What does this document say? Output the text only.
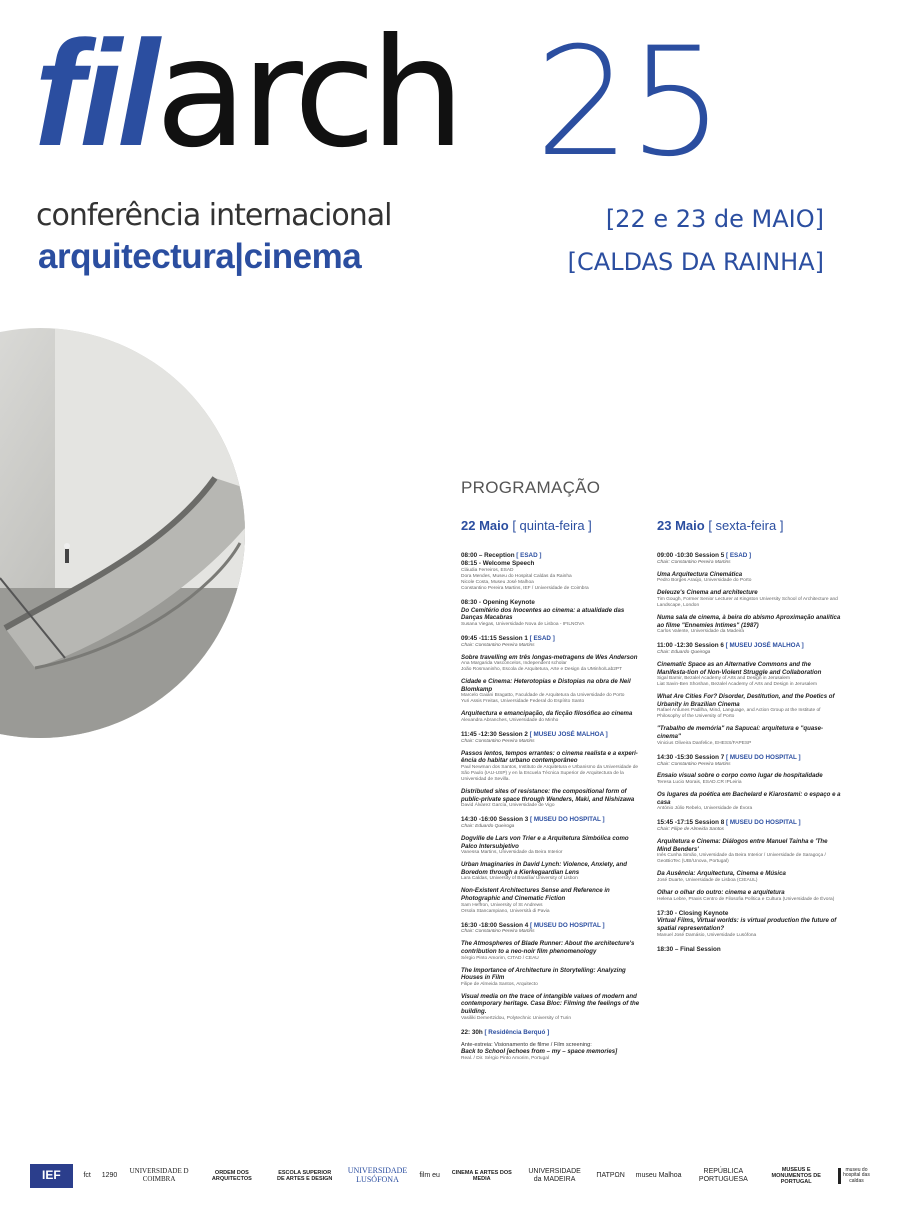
filarch 25
conferência internacional
arquitectura|cinema
[22 e 23 de MAIO]
[CALDAS DA RAINHA]
PROGRAMAÇÃO
22 Maio [ quinta-feira ]	23 Maio [ sexta-feira ]
08:00 – Reception [ ESAD ]
08:15 - Welcome Speech
Cláudia Ferreiros, ESAD
Dora Mendes, Museu do Hospital Caldas da Rainha
Nicole Costa, Museu José Malhoa
Constantino Pereira Martins, IEF / Universidade de Coimbra
08:30 - Opening Keynote
Do Cemitério dos Inocentes ao cinema: a atualidade das Danças Macabras
Susana Viegas, Universidade Nova de Lisboa - IFILNOVA
09:45 -11:15 Session 1 [ ESAD ]
Chair: Constantino Pereira Martins
Sobre travelling em três longas-metragens de Wes Anderson
Ana Margarida Vasconcelos, Independent scholar
João Rosmaninho, Escola de Arquitetura, Arte e Design da UMinho/Lab2PT
Cidade e Cinema: Heterotopias e Distopias na obra de Neil Blomkamp
Marcelo Gaiani Bragatto, Faculdade de Arquitetura da Universidade do Porto
Yuri Assis Freitas, Universidade Federal do Espírito Santo
Arquitectura e emancipação, da ficção filosófica ao cinema
Alexandra Abranches, Universidade do Minho
11:45 -12:30 Session 2 [ MUSEU JOSÉ MALHOA ]
Chair: Constantino Pereira Martins
Passos lentos, tempos errantes: o cinema realista e a experi-ência do habitar urbano contemporâneo
Paul Newman dos Santos, Instituto de Arquitetura e Urbanismo da Universidade de São Paulo (IAU-USP) y en la Escuela Técnica Superior de Arquitectura de la Universidad de Sevilla.
Distributed sites of resistance: the compositional form of public-private space through Wenders, Maki, and Nishizawa
David Álvarez García, Universidade de Vigo
14:30 -16:00 Session 3 [ MUSEU DO HOSPITAL ]
Chair: Eduardo Queiroga
Dogville de Lars von Trier e a Arquitetura Simbólica como Palco Intersubjetivo
Vanessa Martins, Universidade da Beira Interior
Urban Imaginaries in David Lynch: Violence, Anxiety, and Boredom through a Kierkegaardian Lens
Lara Caldas, University of Brasília/ University of Lisbon
Non-Existent Architectures Sense and Reference in Photographic and Cinematic Fiction
Sam Heffron, University of St Andrews
Orsola Stancampiano, Università di Pavia
16:30 -18:00 Session 4 [ MUSEU DO HOSPITAL ]
Chair: Constantino Pereira Martins
The Atmospheres of Blade Runner: About the architecture's contribution to a neo-noir film phenomenology
Sérgio Pinto Amorim, CITAD / CEAU
The Importance of Architecture in Storytelling: Analyzing Houses in Film
Filipe de Almeida Santos, Arquitecto
Visual media on the trace of intangible values of modern and contemporary heritage. Casa Bloc: Filming the feelings of the building.
Vasiliki Demertzidou, Polytechnic University of Turin
22: 30h [ Residência Berquó ]
Ante-estreia: Visionamento de filme / Film screening:
Back to School [echoes from – my – space memories]
Real. / Dir. Sérgio Pinto Amorim, Portugal
09:00 -10:30 Session 5 [ ESAD ]
Chair: Constantino Pereira Martins
Uma Arquitectura Cinemática
Pedro Borges Araújo, Universidade do Porto
Deleuze's Cinema and architecture
Tim Gough, Former Senior Lecturer at Kingston University School of Architecture and Landscape, London
Numa sala de cinema, à beira do abismo Aproximação analítica ao filme "Ennemies Intimes" (1987)
Carlos Valente, Universidade da Madeira
11:00 -12:30 Session 6 [ MUSEU JOSÉ MALHOA ]
Chair: Eduardo Queiroga
Cinematic Space as an Alternative Commons and the Manifesta-tion of Non-Violent Struggle and Collaboration
Sigal Barnir, Bezalel Academy of Arts and Design in Jerusalem
Liat Savin-Ben Shoshan, Bezalel Academy of Arts and Design in Jerusalem
What Are Cities For? Disorder, Destitution, and the Poetics of Urbanity in Brazilian Cinema
Rafael Antunes Padilha, Mind, Language, and Action Group at the Institute of Philosophy of the University of Porto
"Trabalho de memória" na Sapucaí: arquitetura e "quase-cinema"
Vinicius Oliveira Danfelice, EHESS/FAPESP
14:30 -15:30 Session 7 [ MUSEU DO HOSPITAL ]
Chair: Constantino Pereira Martins
Ensaio visual sobre o corpo como lugar de hospitalidade
Teresa Lucio Morais, ESAD.CR IPLeiria
Os lugares da poética em Bachelard e Kiarostami: o espaço e a casa
António Júlio Rebelo, Universidade de Évora
15:45 -17:15 Session 8 [ MUSEU DO HOSPITAL ]
Chair: Filipe de Almeida Santos
Arquitetura e Cinema: Diálogos entre Manuel Tainha e 'The Mind Benders'
Inês Cunha Simão, Universidade da Beira Interior / Universidade de Saragoça / GeoBioTec (UBI/Unova, Portugal)
Da Ausência: Arquitectura, Cinema e Música
José Duarte, Universidade de Lisboa (CIEAUL)
Olhar o olhar do outro: cinema e arquitetura
Helena Lebre, Praxis Centro de Filosofia Política e Cultura (Universidade de Évora)
17:30 - Closing Keynote
Virtual Films, Virtual worlds: is virtual production the future of spatial representation?
Manuel José Damásio, Universidade Lusófona
18:30 – Final Session
IEF	fct 1290
UNIVERSIDADE D COIMBRA
ORDEM DOS ARQUITECTOS
ESCOLA SUPERIOR DE ARTES E DESIGN
UNIVERSIDADE LUSÓFONA	film eu CINEMA E ARTES DOS MEDIA
UNIVERSIDADE da MADEIRA
ΠΑΤΡΩΝ museu Malhoa
REPÚBLICA PORTUGUESA
MUSEUS E MONUMENTOS DE PORTUGAL
museu do hospital das caldas
